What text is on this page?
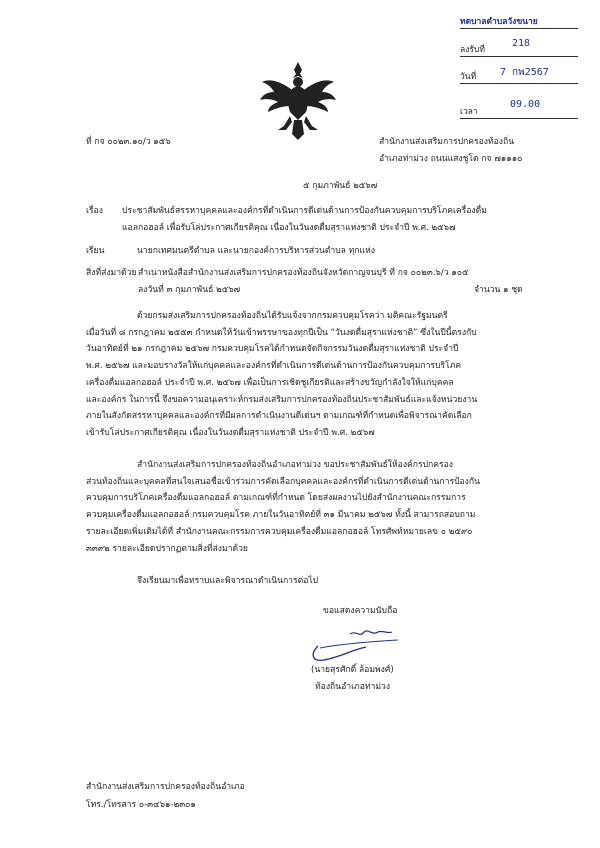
ทตบาลตำบลวังขนาย
ลงรับที่
218
วันที่ 7 กพ2567
เวลา
09.00
ที่ กจ ๐๐๒๓.๑๐/ว ๑๕๖	สำนักงานส่งเสริมการปกครองท้องถิ่น
อำเภอท่าม่วง ถนนแสงชูโต กจ ๗๑๑๑๐
๕ กุมภาพันธ์ ๒๕๖๗
เรื่อง ประชาสัมพันธ์สรรหาบุคคลและองค์กรที่ดำเนินการดีเด่นด้านการป้องกันควบคุมการบริโภคเครื่องดื่ม
แอลกอฮอล์ เพื่อรับโล่ประกาศเกียรติคุณ เนื่องในวันงดดื่มสุราแห่งชาติ ประจำปี พ.ศ. ๒๕๖๗
เรียน	นายกเทศมนตรีตำบล และนายกองค์การบริหารส่วนตำบล ทุกแห่ง
สิ่งที่ส่งมาด้วย สำเนาหนังสือสำนักงานส่งเสริมการปกครองท้องถิ่นจังหวัดกาญจนบุรี ที่ กจ ๐๐๒๓.๖/ว ๑๐๕
ลงวันที่ ๓ กุมภาพันธ์ ๒๕๖๗	จำนวน ๑ ชุด
ด้วยกรมส่งเสริมการปกครองท้องถิ่นได้รับแจ้งจากกรมควบคุมโรคว่า มติคณะรัฐมนตรี
เมื่อวันที่ ๘ กรกฎาคม ๒๕๕๓ กำหนดให้วันเข้าพรรษาของทุกปีเป็น “วันงดดื่มสุราแห่งชาติ” ซึ่งในปีนี้ตรงกับ
วันอาทิตย์ที่ ๒๑ กรกฎาคม ๒๕๖๗ กรมควบคุมโรคได้กำหนดจัดกิจกรรมวันงดดื่มสุราแห่งชาติ ประจำปี
พ.ศ. ๒๕๖๗ และมอบรางวัลให้แก่บุคคลและองค์กรที่ดำเนินการดีเด่นด้านการป้องกันควบคุมการบริโภค
เครื่องดื่มแอลกอฮอล์ ประจำปี พ.ศ. ๒๕๖๗ เพื่อเป็นการเชิดชูเกียรติและสร้างขวัญกำลังใจให้แก่บุคคล
และองค์กร ในการนี้ จึงขอความอนุเคราะห์กรมส่งเสริมการปกครองท้องถิ่นประชาสัมพันธ์และแจ้งหน่วยงาน
ภายในสังกัดสรรหาบุคคลและองค์กรที่มีผลการดำเนินงานดีเด่นฯ ตามเกณฑ์ที่กำหนดเพื่อพิจารณาคัดเลือก
เข้ารับโล่ประกาศเกียรติคุณ เนื่องในวันงดดื่มสุราแห่งชาติ ประจำปี พ.ศ. ๒๕๖๗
สำนักงานส่งเสริมการปกครองท้องถิ่นอำเภอท่าม่วง ขอประชาสัมพันธ์ให้องค์กรปกครอง
ส่วนท้องถิ่นและบุคคลที่สนใจเสนอชื่อเข้าร่วมการคัดเลือกบุคคลและองค์กรที่ดำเนินการดีเด่นด้านการป้องกัน
ควบคุมการบริโภคเครื่องดื่มแอลกอฮอล์ ตามเกณฑ์ที่กำหนด โดยส่งผลงานไปยังสำนักงานคณะกรรมการ
ควบคุมเครื่องดื่มแอลกอฮอล์ กรมควบคุมโรค ภายในวันอาทิตย์ที่ ๓๑ มีนาคม ๒๕๖๗ ทั้งนี้ สามารถสอบถาม
รายละเอียดเพิ่มเติมได้ที่ สำนักงานคณะกรรมการควบคุมเครื่องดื่มแอลกอฮอล์ โทรศัพท์หมายเลข ๐ ๒๕๙๐
๓๓๙๒ รายละเอียดปรากฏตามสิ่งที่ส่งมาด้วย
จึงเรียนมาเพื่อทราบและพิจารณาดำเนินการต่อไป
ขอแสดงความนับถือ
(นายสุรศักดิ์ ล้อมพงศ์)
ท้องถิ่นอำเภอท่าม่วง
สำนักงานส่งเสริมการปกครองท้องถิ่นอำเภอ
โทร./โทรสาร ๐-๓๔๖๑-๒๓๐๑
